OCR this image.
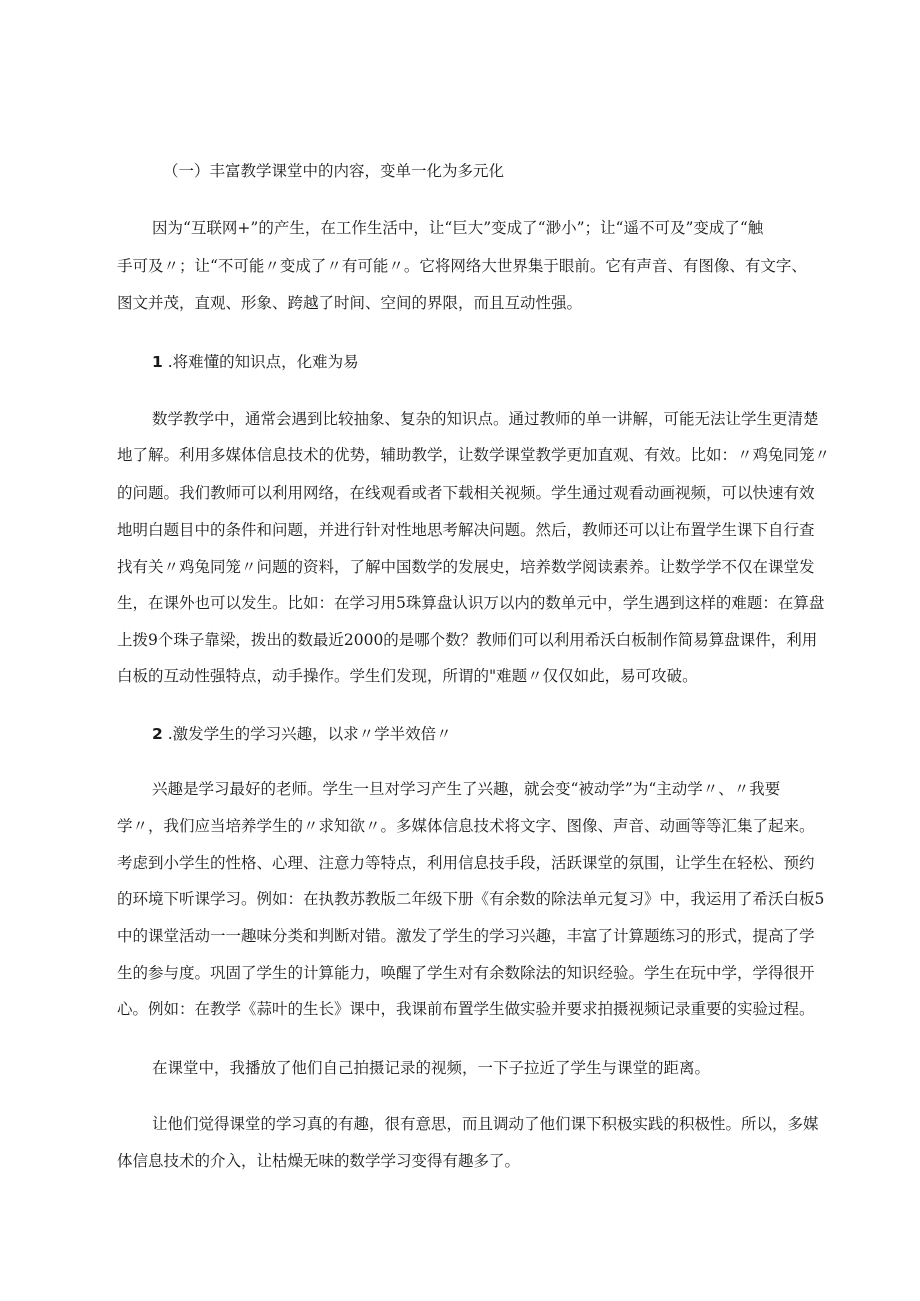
（一）丰富教学课堂中的内容，变单一化为多元化
因为“互联网+”的产生，在工作生活中，让“巨大”变成了“渺小”；让“遥不可及”变成了“触
手可及〃；让“不可能〃变成了〃有可能〃。它将网络大世界集于眼前。它有声音、有图像、有文字、
图文并茂，直观、形象、跨越了时间、空间的界限，而且互动性强。
1 .将难懂的知识点，化难为易
数学教学中，通常会遇到比较抽象、复杂的知识点。通过教师的单一讲解，可能无法让学生更清楚
地了解。利用多媒体信息技术的优势，辅助教学，让数学课堂教学更加直观、有效。比如：〃鸡兔同笼〃
的问题。我们教师可以利用网络，在线观看或者下载相关视频。学生通过观看动画视频，可以快速有效
地明白题目中的条件和问题，并进行针对性地思考解决问题。然后，教师还可以让布置学生课下自行查
找有关〃鸡兔同笼〃问题的资料，了解中国数学的发展史，培养数学阅读素养。让数学学不仅在课堂发
生，在课外也可以发生。比如：在学习用5珠算盘认识万以内的数单元中，学生遇到这样的难题：在算盘
上拨9个珠子靠梁，拨出的数最近2000的是哪个数？教师们可以利用希沃白板制作简易算盘课件，利用
白板的互动性强特点，动手操作。学生们发现，所谓的"难题〃仅仅如此，易可攻破。
2 .激发学生的学习兴趣，以求〃学半效倍〃
兴趣是学习最好的老师。学生一旦对学习产生了兴趣，就会变“被动学”为“主动学〃、〃我要
学〃，我们应当培养学生的〃求知欲〃。多媒体信息技术将文字、图像、声音、动画等等汇集了起来。
考虑到小学生的性格、心理、注意力等特点，利用信息技手段，活跃课堂的氛围，让学生在轻松、预约
的环境下听课学习。例如：在执教苏教版二年级下册《有余数的除法单元复习》中，我运用了希沃白板5
中的课堂活动一一趣味分类和判断对错。激发了学生的学习兴趣，丰富了计算题练习的形式，提高了学
生的参与度。巩固了学生的计算能力，唤醒了学生对有余数除法的知识经验。学生在玩中学，学得很开
心。例如：在教学《蒜叶的生长》课中，我课前布置学生做实验并要求拍摄视频记录重要的实验过程。
在课堂中，我播放了他们自己拍摄记录的视频，一下子拉近了学生与课堂的距离。
让他们觉得课堂的学习真的有趣，很有意思，而且调动了他们课下积极实践的积极性。所以，多媒
体信息技术的介入，让枯燥无味的数学学习变得有趣多了。
